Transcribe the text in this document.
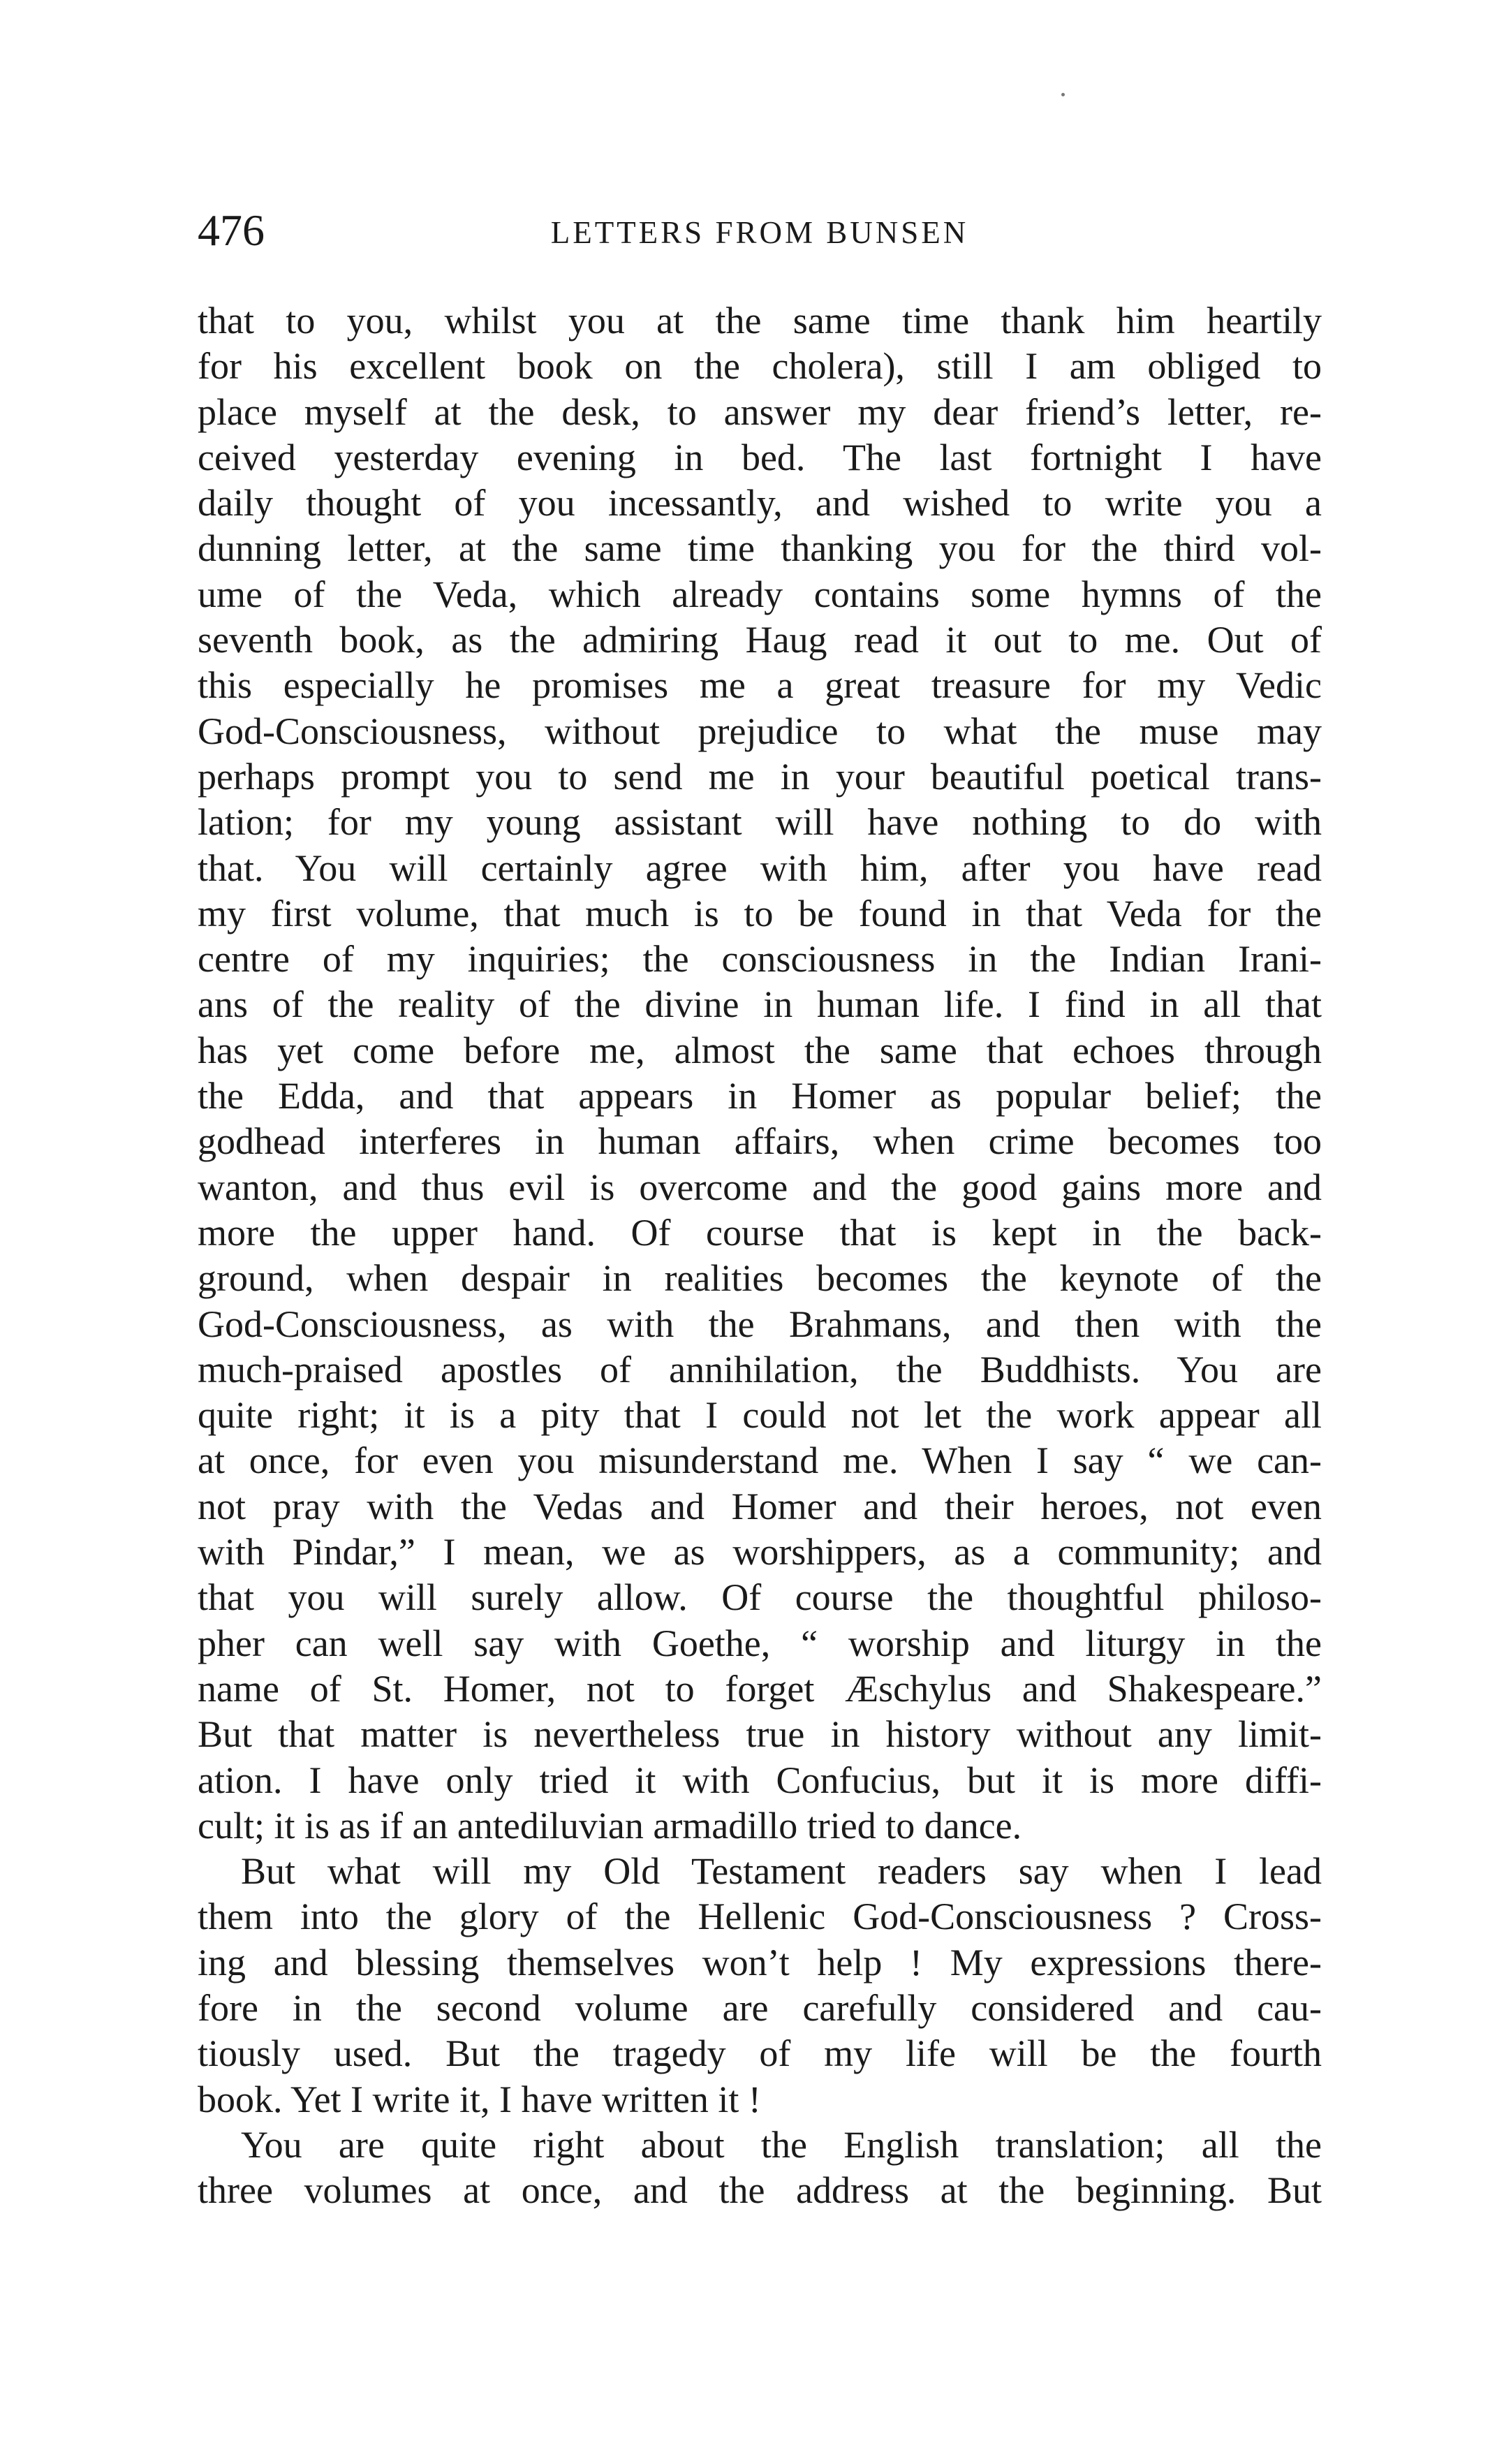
476	LETTERS FROM BUNSEN
that to you, whilst you at the same time thank him heartily
for his excellent book on the cholera), still I am obliged to
place myself at the desk, to answer my dear friend’s letter, re-
ceived yesterday evening in bed. The last fortnight I have
daily thought of you incessantly, and wished to write you a
dunning letter, at the same time thanking you for the third vol-
ume of the Veda, which already contains some hymns of the
seventh book, as the admiring Haug read it out to me. Out of
this especially he promises me a great treasure for my Vedic
God-Consciousness, without prejudice to what the muse may
perhaps prompt you to send me in your beautiful poetical trans-
lation; for my young assistant will have nothing to do with
that. You will certainly agree with him, after you have read
my first volume, that much is to be found in that Veda for the
centre of my inquiries; the consciousness in the Indian Irani-
ans of the reality of the divine in human life. I find in all that
has yet come before me, almost the same that echoes through
the Edda, and that appears in Homer as popular belief; the
godhead interferes in human affairs, when crime becomes too
wanton, and thus evil is overcome and the good gains more and
more the upper hand. Of course that is kept in the back-
ground, when despair in realities becomes the keynote of the
God-Consciousness, as with the Brahmans, and then with the
much-praised apostles of annihilation, the Buddhists. You are
quite right; it is a pity that I could not let the work appear all
at once, for even you misunderstand me. When I say “ we can-
not pray with the Vedas and Homer and their heroes, not even
with Pindar,” I mean, we as worshippers, as a community; and
that you will surely allow. Of course the thoughtful philoso-
pher can well say with Goethe, “ worship and liturgy in the
name of St. Homer, not to forget Æschylus and Shakespeare.”
But that matter is nevertheless true in history without any limit-
ation. I have only tried it with Confucius, but it is more diffi-
cult; it is as if an antediluvian armadillo tried to dance.
But what will my Old Testament readers say when I lead
them into the glory of the Hellenic God-Consciousness ? Cross-
ing and blessing themselves won’t help ! My expressions there-
fore in the second volume are carefully considered and cau-
tiously used. But the tragedy of my life will be the fourth
book. Yet I write it, I have written it !
You are quite right about the English translation; all the
three volumes at once, and the address at the beginning. But
